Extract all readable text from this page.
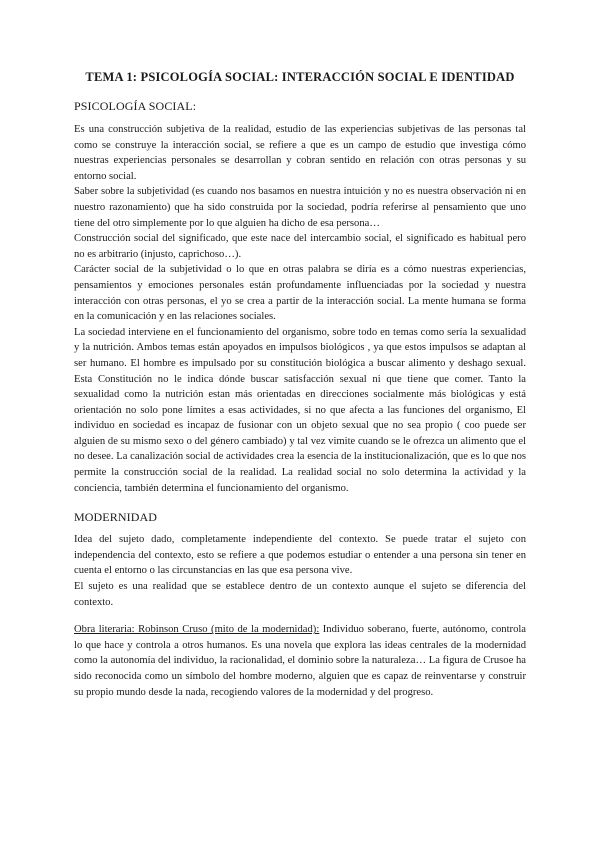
TEMA 1: PSICOLOGÍA SOCIAL: INTERACCIÓN SOCIAL E IDENTIDAD
PSICOLOGÍA SOCIAL:

Es una construcción subjetiva de la realidad, estudio de las experiencias subjetivas de las personas tal como se construye la interacción social, se refiere a que es un campo de estudio que investiga cómo nuestras experiencias personales se desarrollan y cobran sentido en relación con otras personas y su entorno social.

Saber sobre la subjetividad (es cuando nos basamos en nuestra intuición y no es nuestra observación ni en nuestro razonamiento) que ha sido construida por la sociedad, podría referirse al pensamiento que uno tiene del otro simplemente por lo que alguien ha dicho de esa persona…

Construcción social del significado, que este nace del intercambio social, el significado es habitual pero no es arbitrario (injusto, caprichoso…).

Carácter social de la subjetividad o lo que en otras palabra se diría es a cómo nuestras experiencias, pensamientos y emociones personales están profundamente influenciadas por la sociedad y nuestra interacción con otras personas, el yo se crea a partir de la interacción social. La mente humana se forma en la comunicación y en las relaciones sociales.

La sociedad interviene en el funcionamiento del organismo, sobre todo en temas como sería la sexualidad y la nutrición. Ambos temas están apoyados en impulsos biológicos , ya que estos impulsos se adaptan al ser humano. El hombre es impulsado por su constitución biológica a buscar alimento y deshago sexual. Esta Constitución no le indica dónde buscar satisfacción sexual ni que tiene que comer. Tanto la sexualidad como la nutrición estan más orientadas en direcciones socialmente más biológicas y está orientación no solo pone límites a esas actividades, si no que afecta a las funciones del organismo, El individuo en sociedad es incapaz de fusionar con un objeto sexual que no sea propio ( coo puede ser alguien de su mismo sexo o del género cambiado) y tal vez vimite cuando se le ofrezca un alimento que el no desee. La canalización social de actividades crea la esencia de la institucionalización, que es lo que nos permite la construcción social de la realidad. La realidad social no solo determina la actividad y la conciencia, también determina el funcionamiento del organismo.

MODERNIDAD

Idea del sujeto dado, completamente independiente del contexto. Se puede tratar el sujeto con independencia del contexto, esto se refiere a que podemos estudiar o entender a una persona sin tener en cuenta el entorno o las circunstancias en las que esa persona vive.

El sujeto es una realidad que se establece dentro de un contexto aunque el sujeto se diferencia del contexto.

Obra literaria: Robinson Cruso (mito de la modernidad): Individuo soberano, fuerte, autónomo, controla lo que hace y controla a otros humanos. Es una novela que explora las ideas centrales de la modernidad como la autonomía del individuo, la racionalidad, el dominio sobre la naturaleza… La figura de Crusoe ha sido reconocida como un símbolo del hombre moderno, alguien que es capaz de reinventarse y construir su propio mundo desde la nada, recogiendo valores de la modernidad y del progreso.
